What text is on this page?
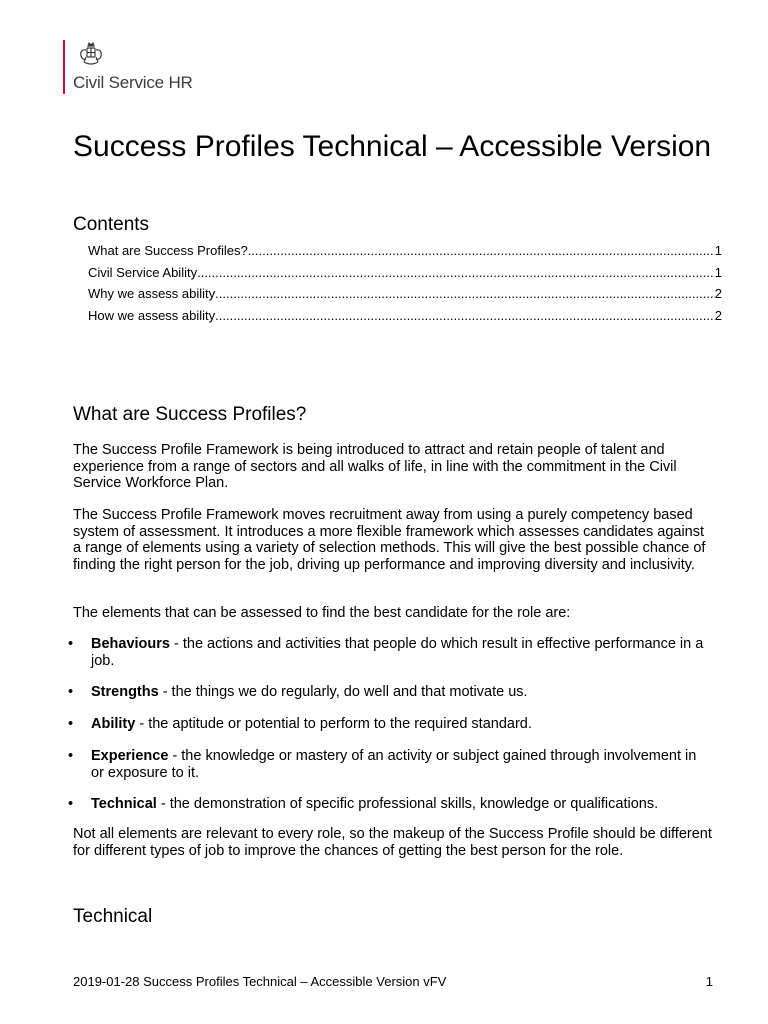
Civil Service HR
Success Profiles Technical – Accessible Version
Contents
What are Success Profiles? .....	1
Civil Service Ability .....	1
Why we assess ability .....	2
How we assess ability .....	2
What are Success Profiles?

The Success Profile Framework is being introduced to attract and retain people of talent and experience from a range of sectors and all walks of life, in line with the commitment in the Civil Service Workforce Plan.

The Success Profile Framework moves recruitment away from using a purely competency based system of assessment. It introduces a more flexible framework which assesses candidates against a range of elements using a variety of selection methods. This will give the best possible chance of finding the right person for the job, driving up performance and improving diversity and inclusivity.

The elements that can be assessed to find the best candidate for the role are:

• Behaviours - the actions and activities that people do which result in effective performance in a job.
• Strengths - the things we do regularly, do well and that motivate us.
• Ability - the aptitude or potential to perform to the required standard.
• Experience - the knowledge or mastery of an activity or subject gained through involvement in or exposure to it.
• Technical - the demonstration of specific professional skills, knowledge or qualifications.

Not all elements are relevant to every role, so the makeup of the Success Profile should be different for different types of job to improve the chances of getting the best person for the role.

Technical
2019-01-28 Success Profiles Technical – Accessible Version vFV	1
